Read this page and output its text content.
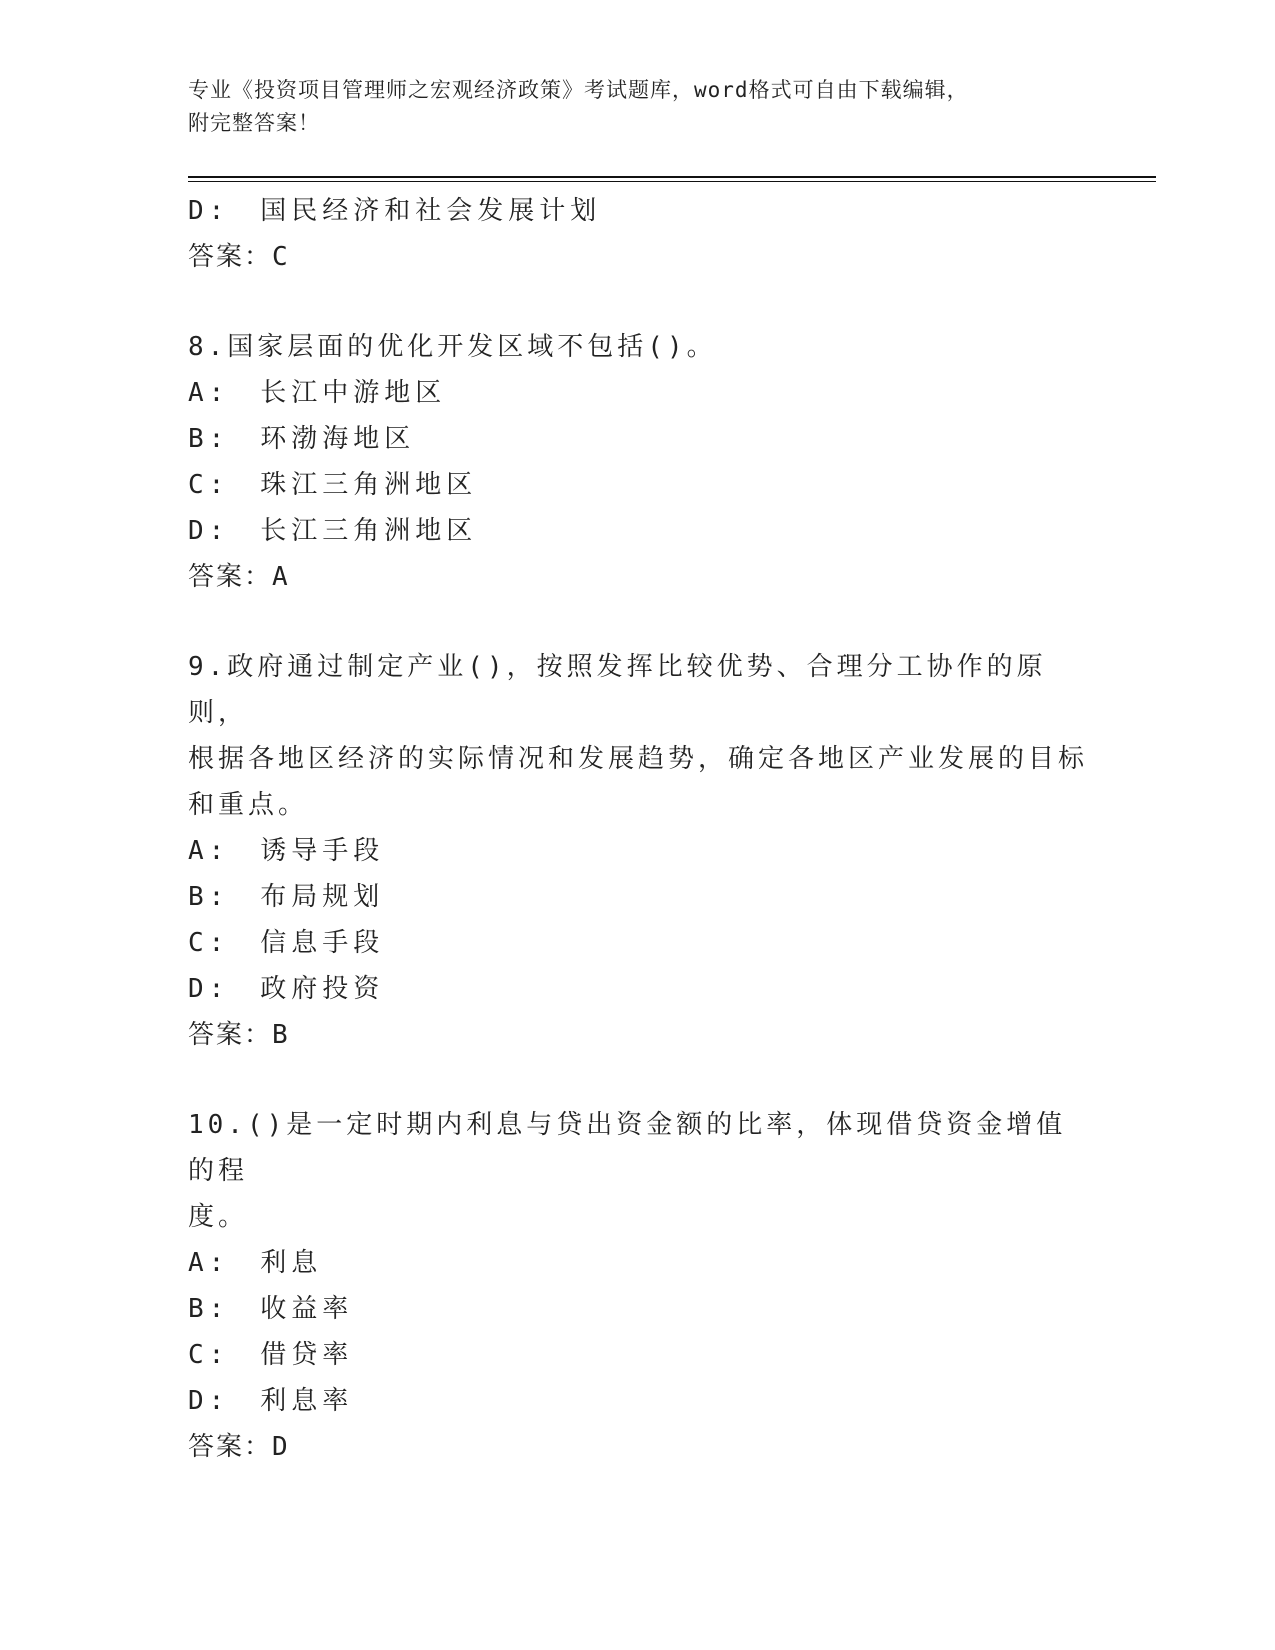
专业《投资项目管理师之宏观经济政策》考试题库，word格式可自由下载编辑，
附完整答案！
D:　国民经济和社会发展计划
答案：C
8.国家层面的优化开发区域不包括()。
A:　长江中游地区
B:　环渤海地区
C:　珠江三角洲地区
D:　长江三角洲地区
答案：A
9.政府通过制定产业()，按照发挥比较优势、合理分工协作的原则，
根据各地区经济的实际情况和发展趋势，确定各地区产业发展的目标
和重点。
A:　诱导手段
B:　布局规划
C:　信息手段
D:　政府投资
答案：B
10.()是一定时期内利息与贷出资金额的比率，体现借贷资金增值的程
度。
A:　利息
B:　收益率
C:　借贷率
D:　利息率
答案：D
